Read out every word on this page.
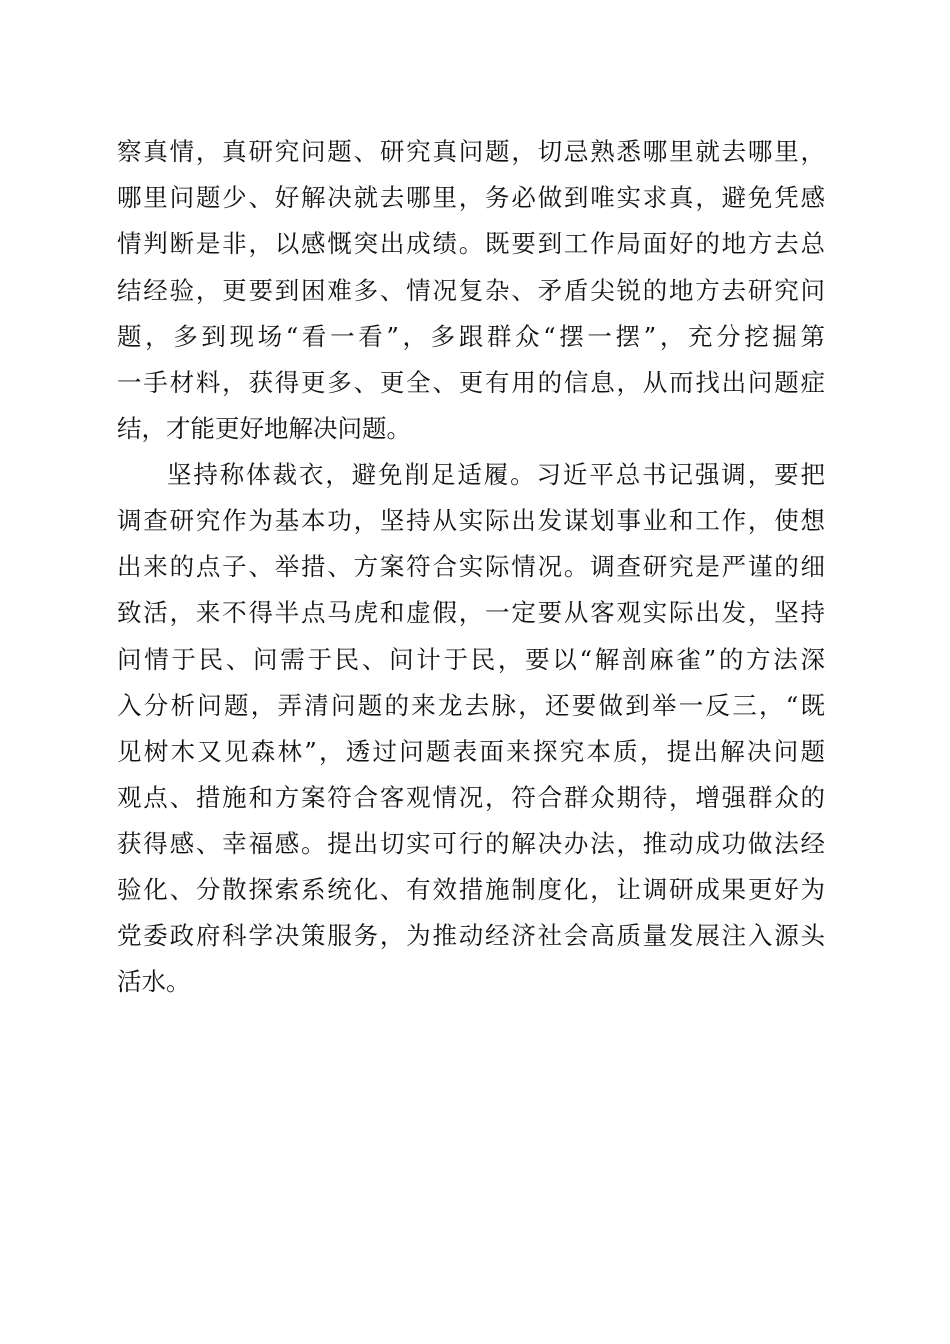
察真情，真研究问题、研究真问题，切忌熟悉哪里就去哪里，
哪里问题少、好解决就去哪里，务必做到唯实求真，避免凭感
情判断是非，以感慨突出成绩。既要到工作局面好的地方去总
结经验，更要到困难多、情况复杂、矛盾尖锐的地方去研究问
题，多到现场“看一看”，多跟群众“摆一摆”，充分挖掘第
一手材料，获得更多、更全、更有用的信息，从而找出问题症
结，才能更好地解决问题。
坚持称体裁衣，避免削足适履。习近平总书记强调，要把
调查研究作为基本功，坚持从实际出发谋划事业和工作，使想
出来的点子、举措、方案符合实际情况。调查研究是严谨的细
致活，来不得半点马虎和虚假，一定要从客观实际出发，坚持
问情于民、问需于民、问计于民，要以“解剖麻雀”的方法深
入分析问题，弄清问题的来龙去脉，还要做到举一反三，“既
见树木又见森林”，透过问题表面来探究本质，提出解决问题
观点、措施和方案符合客观情况，符合群众期待，增强群众的
获得感、幸福感。提出切实可行的解决办法，推动成功做法经
验化、分散探索系统化、有效措施制度化，让调研成果更好为
党委政府科学决策服务，为推动经济社会高质量发展注入源头
活水。
